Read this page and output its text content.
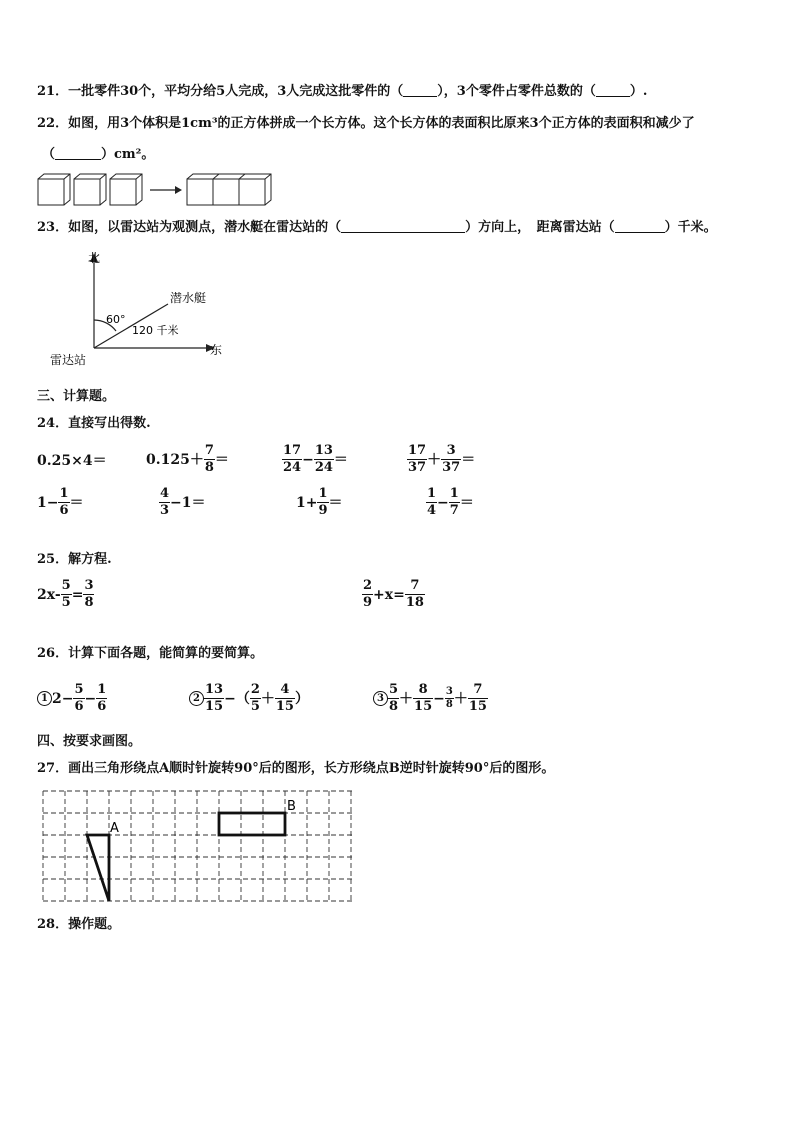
21．一批零件30个，平均分给5人完成，3人完成这批零件的（	），3个零件占零件总数的（	）.
22．如图，用3个体积是1cm³的正方体拼成一个长方体。这个长方体的表面积比原来3个正方体的表面积和减少了
（	）cm²。
23．如图，以雷达站为观测点，潜水艇在雷达站的（	）方向上，　距离雷达站（	）千米。
北
东
雷达站
潜水艇
60°
120 千米
三、计算题。
24．直接写出得数.
0.25×4＝	$0.125+ \frac{7}{8}$ ＝	$\frac{17}{24} - \frac{13}{24}$ ＝	$\frac{17}{37} + \frac{3}{37}$ ＝
$1- \frac{1}{6}$ ＝	$\frac{4}{3} -1=$	$1+ \frac{1}{9}$ ＝	$\frac{1}{4} - \frac{1}{7}$ ＝
25．解方程.
$2x- \frac{5}{5} = \frac{3}{8}$	$\frac{2}{9} +x= \frac{7}{18}$
26．计算下面各题，能简算的要简算。
1 $2- \frac{5}{6} - \frac{1}{6}$	$2 \frac{13}{15}$ −（ $\frac{2}{5} + \frac{4}{15}$ ）	$3 \frac{5}{8} + \frac{8}{15} - \frac{3}{8} + \frac{7}{15}$
四、按要求画图。
27．画出三角形绕点A顺时针旋转90°后的图形，长方形绕点B逆时针旋转90°后的图形。
A
B
28．操作题。
